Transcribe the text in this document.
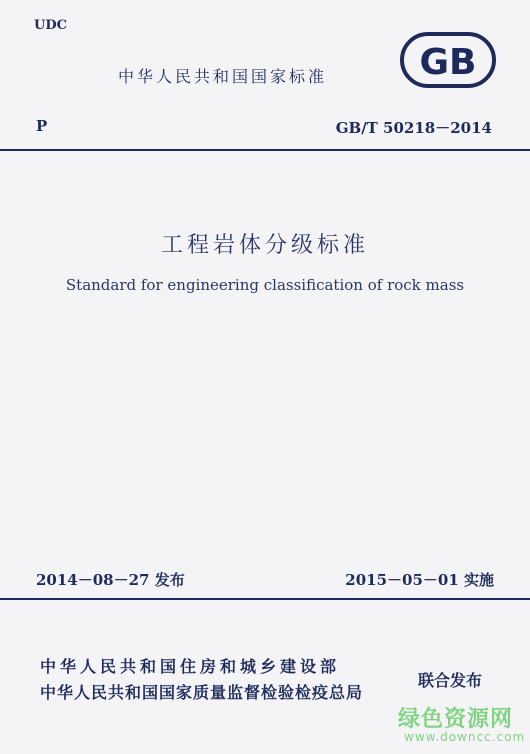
UDC
中华人民共和国国家标准	GB
P	GB/T 50218－2014
工程岩体分级标准
Standard for engineering classification of rock mass
2014－08－27 发布	2015－05－01 实施
中华人民共和国住房和城乡建设部
中华人民共和国国家质量监督检验检疫总局
联合发布
绿色资源网
www.downcc.com
